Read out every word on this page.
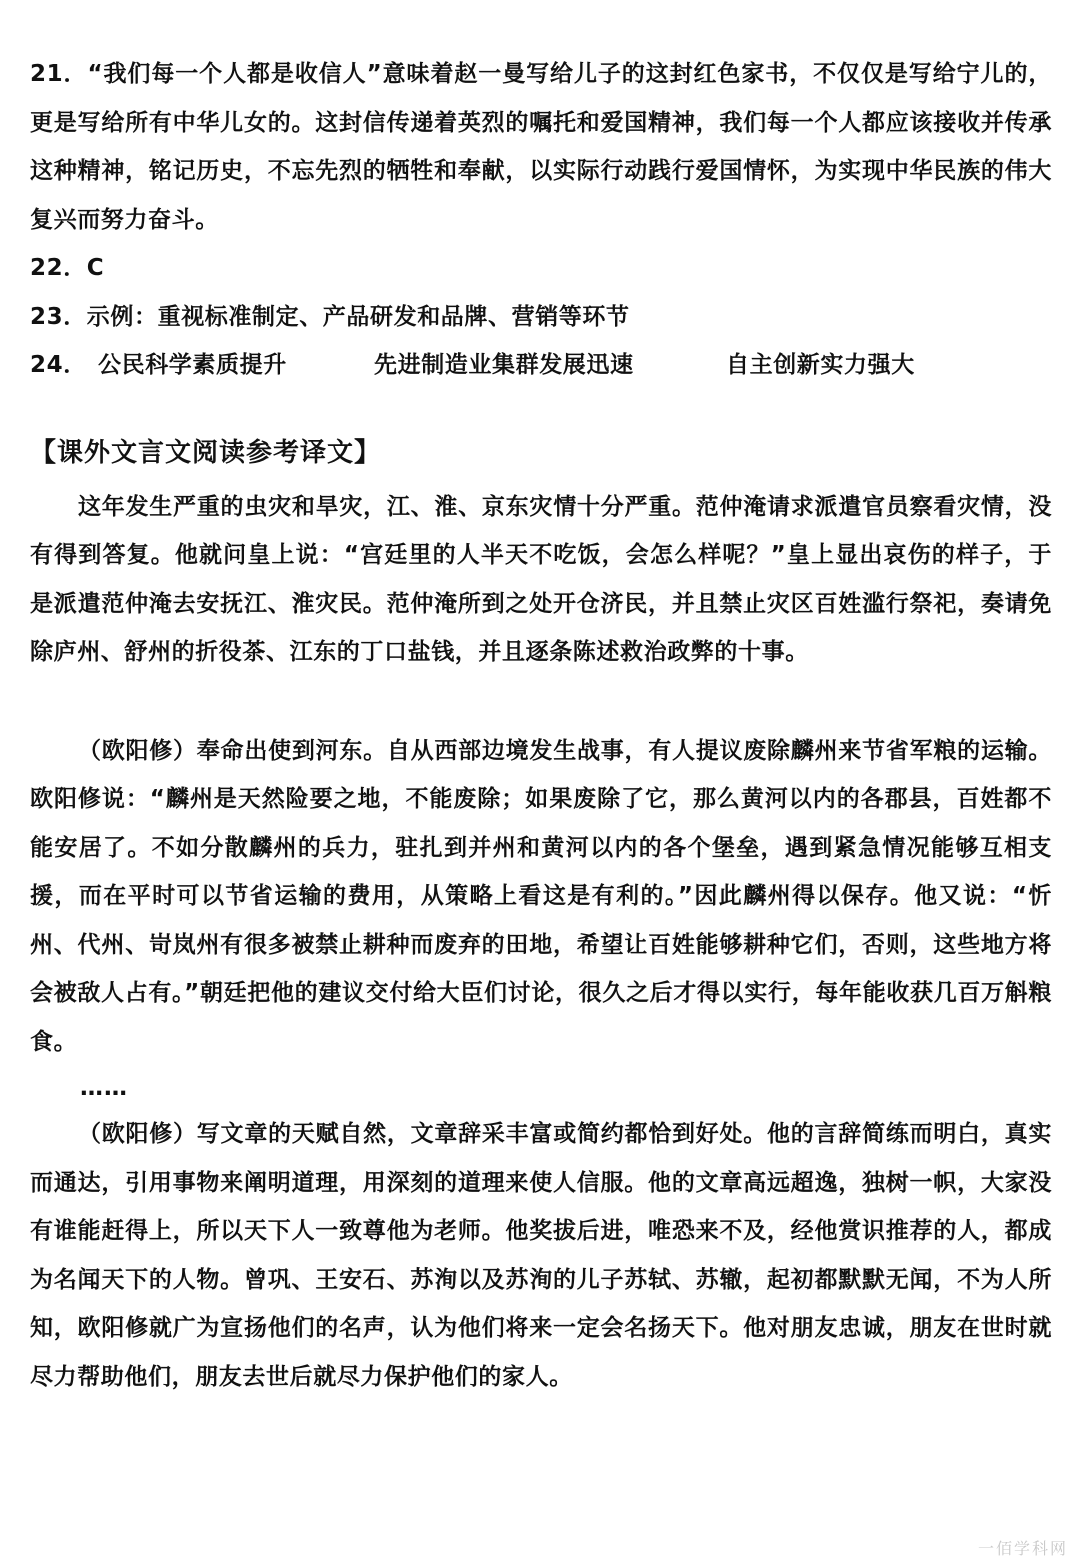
21．“我们每一个人都是收信人”意味着赵一曼写给儿子的这封红色家书，不仅仅是写给宁儿的，更是写给所有中华儿女的。这封信传递着英烈的嘱托和爱国精神，我们每一个人都应该接收并传承这种精神，铭记历史，不忘先烈的牺牲和奉献，以实际行动践行爱国情怀，为实现中华民族的伟大复兴而努力奋斗。

22．C
23．示例：重视标准制定、产品研发和品牌、营销等环节
24． 公民科学素质提升	先进制造业集群发展迅速	自主创新实力强大
【课外文言文阅读参考译文】

这年发生严重的虫灾和旱灾，江、淮、京东灾情十分严重。范仲淹请求派遣官员察看灾情，没有得到答复。他就问皇上说：“宫廷里的人半天不吃饭，会怎么样呢？”皇上显出哀伤的样子，于是派遣范仲淹去安抚江、淮灾民。范仲淹所到之处开仓济民，并且禁止灾区百姓滥行祭祀，奏请免除庐州、舒州的折役茶、江东的丁口盐钱，并且逐条陈述救治政弊的十事。

（欧阳修）奉命出使到河东。自从西部边境发生战事，有人提议废除麟州来节省军粮的运输。欧阳修说：“麟州是天然险要之地，不能废除；如果废除了它，那么黄河以内的各郡县，百姓都不能安居了。不如分散麟州的兵力，驻扎到并州和黄河以内的各个堡垒，遇到紧急情况能够互相支援，而在平时可以节省运输的费用，从策略上看这是有利的。”因此麟州得以保存。他又说：“忻州、代州、岢岚州有很多被禁止耕种而废弃的田地，希望让百姓能够耕种它们，否则，这些地方将会被敌人占有。”朝廷把他的建议交付给大臣们讨论，很久之后才得以实行，每年能收获几百万斛粮食。

……

（欧阳修）写文章的天赋自然，文章辞采丰富或简约都恰到好处。他的言辞简练而明白，真实而通达，引用事物来阐明道理，用深刻的道理来使人信服。他的文章高远超逸，独树一帜，大家没有谁能赶得上，所以天下人一致尊他为老师。他奖拔后进，唯恐来不及，经他赏识推荐的人，都成为名闻天下的人物。曾巩、王安石、苏洵以及苏洵的儿子苏轼、苏辙，起初都默默无闻，不为人所知，欧阳修就广为宣扬他们的名声，认为他们将来一定会名扬天下。他对朋友忠诚，朋友在世时就尽力帮助他们，朋友去世后就尽力保护他们的家人。

一佰学科网
